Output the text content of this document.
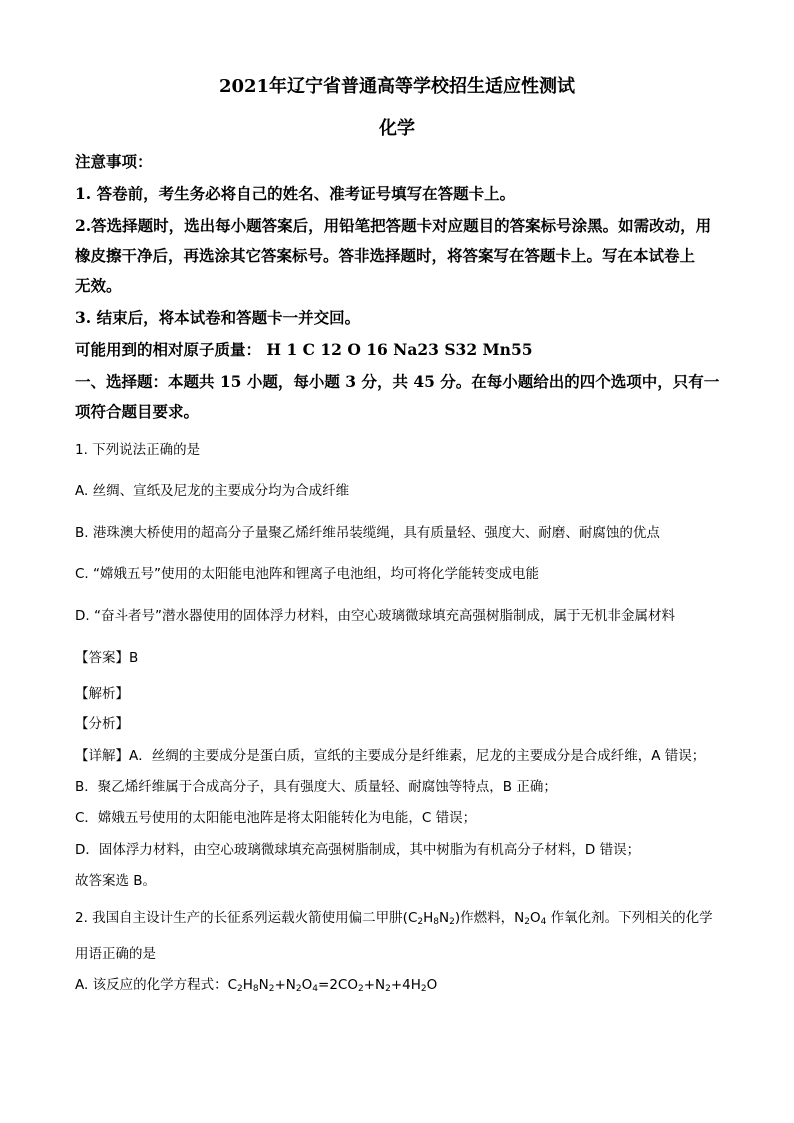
2021年辽宁省普通高等学校招生适应性测试
化学
注意事项：
1. 答卷前，考生务必将自己的姓名、准考证号填写在答题卡上。
2.答选择题时，选出每小题答案后，用铅笔把答题卡对应题目的答案标号涂黑。如需改动，用
橡皮擦干净后，再选涂其它答案标号。答非选择题时，将答案写在答题卡上。写在本试卷上
无效。
3. 结束后，将本试卷和答题卡一并交回。
可能用到的相对原子质量： H 1 C 12 O 16 Na23 S32 Mn55
一、选择题：本题共 15 小题，每小题 3 分，共 45 分。在每小题给出的四个选项中，只有一
项符合题目要求。
1. 下列说法正确的是
A. 丝绸、宣纸及尼龙的主要成分均为合成纤维
B. 港珠澳大桥使用的超高分子量聚乙烯纤维吊装缆绳，具有质量轻、强度大、耐磨、耐腐蚀的优点
C. “嫦娥五号”使用的太阳能电池阵和锂离子电池组，均可将化学能转变成电能
D. “奋斗者号”潜水器使用的固体浮力材料，由空心玻璃微球填充高强树脂制成，属于无机非金属材料
【答案】B
【解析】
【分析】
【详解】A．丝绸的主要成分是蛋白质，宣纸的主要成分是纤维素，尼龙的主要成分是合成纤维，A 错误；
B．聚乙烯纤维属于合成高分子，具有强度大、质量轻、耐腐蚀等特点，B 正确；
C．嫦娥五号使用的太阳能电池阵是将太阳能转化为电能，C 错误；
D．固体浮力材料，由空心玻璃微球填充高强树脂制成，其中树脂为有机高分子材料，D 错误；
故答案选 B。
2. 我国自主设计生产的长征系列运载火箭使用偏二甲肼$(C_2H_8N_2)$作燃料，$N_2O_4$ 作氧化剂。下列相关的化学
用语正确的是
A. 该反应的化学方程式：$C_2H_8N_2+N_2O_4=2CO_2+N_2+4H_2O$
